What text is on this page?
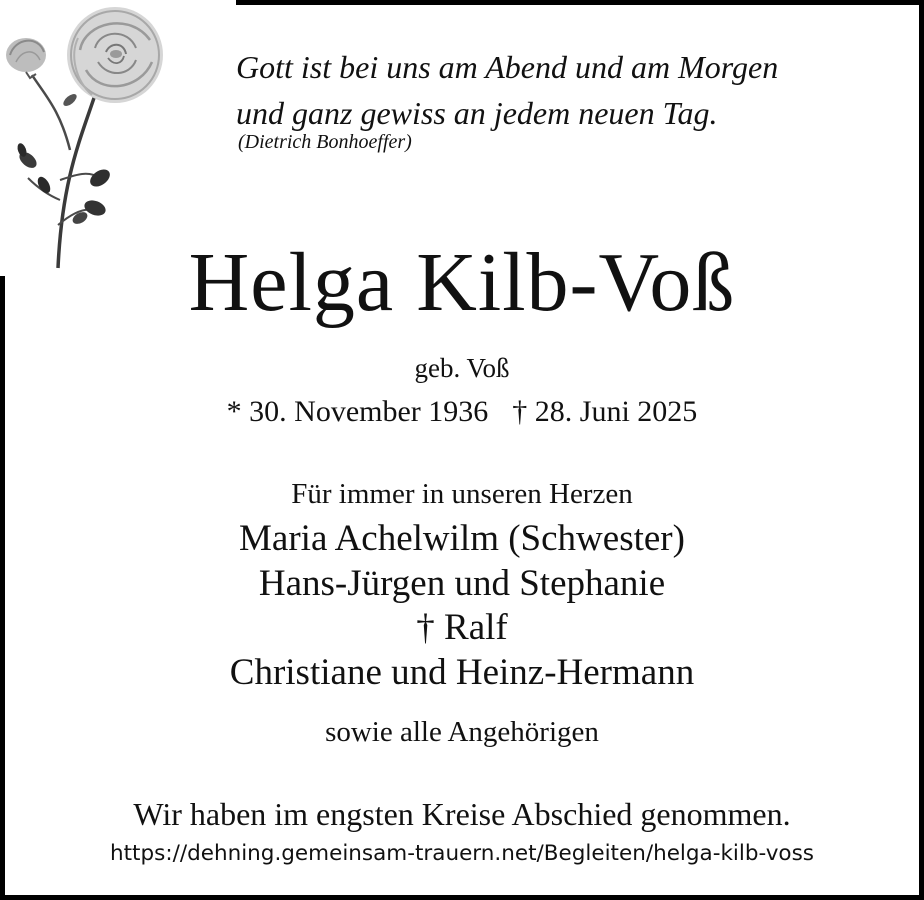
Gott ist bei uns am Abend und am Morgen
und ganz gewiss an jedem neuen Tag.
(Dietrich Bonhoeffer)
Helga Kilb-Voß
geb. Voß
* 30. November 1936 † 28. Juni 2025
Für immer in unseren Herzen
Maria Achelwilm (Schwester)
Hans-Jürgen und Stephanie
† Ralf
Christiane und Heinz-Hermann
sowie alle Angehörigen
Wir haben im engsten Kreise Abschied genommen.
https://dehning.gemeinsam-trauern.net/Begleiten/helga-kilb-voss
